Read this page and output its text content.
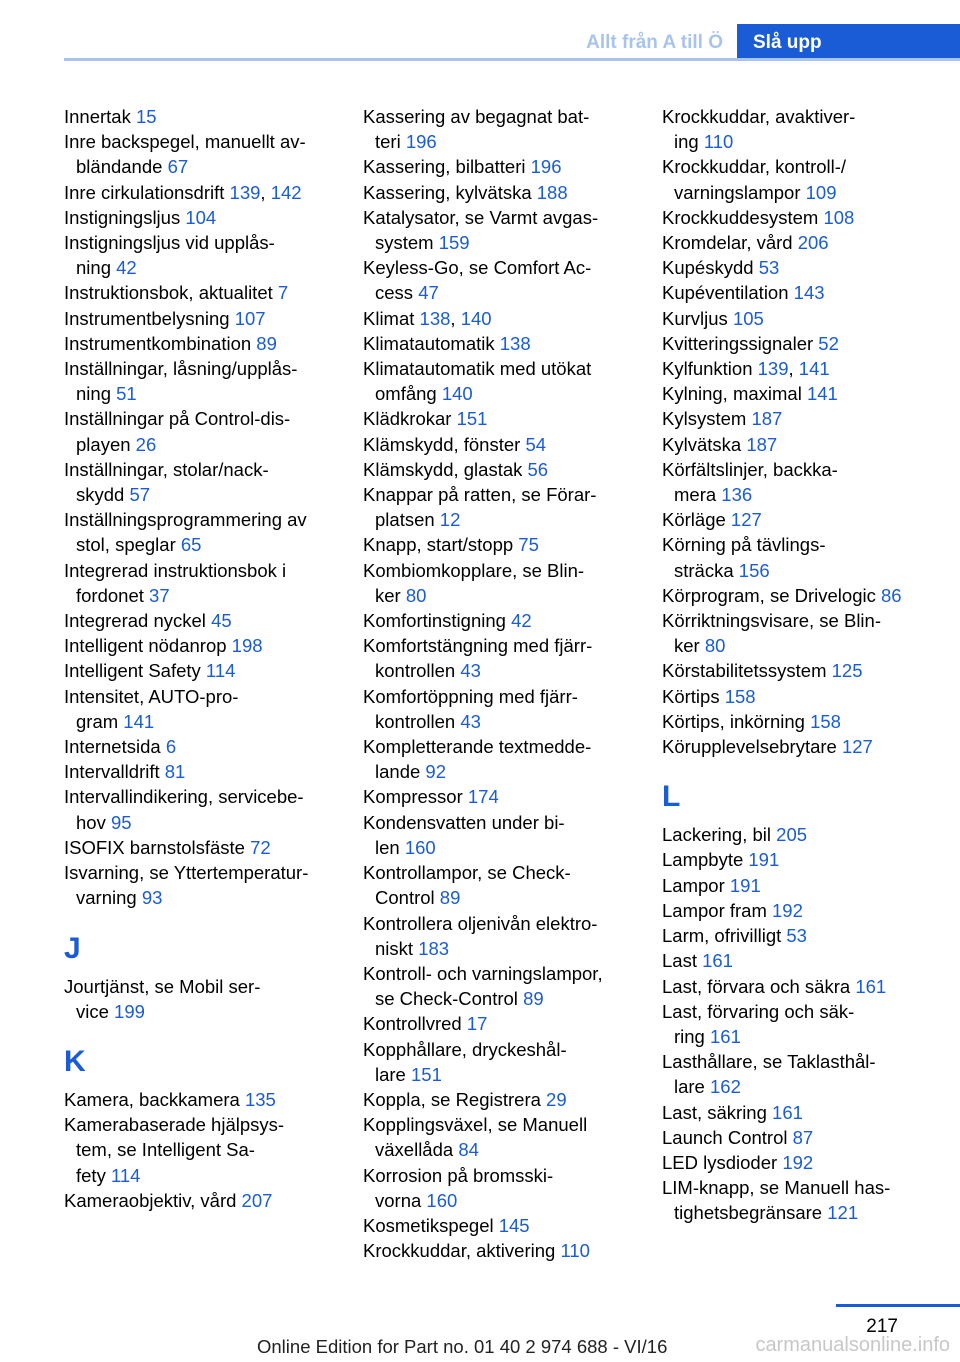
Allt från A till Ö	Slå upp
Innertak 15
Inre backspegel, manuellt av-
bländande 67
Inre cirkulationsdrift 139, 142
Instigningsljus 104
Instigningsljus vid upplås-
ning 42
Instruktionsbok, aktualitet 7
Instrumentbelysning 107
Instrumentkombination 89
Inställningar, låsning/upplås-
ning 51
Inställningar på Control-dis-
playen 26
Inställningar, stolar/nack-
skydd 57
Inställningsprogrammering av
stol, speglar 65
Integrerad instruktionsbok i
fordonet 37
Integrerad nyckel 45
Intelligent nödanrop 198
Intelligent Safety 114
Intensitet, AUTO-pro-
gram 141
Internetsida 6
Intervalldrift 81
Intervallindikering, servicebe-
hov 95
ISOFIX barnstolsfäste 72
Isvarning, se Yttertemperatur-
varning 93
J
Jourtjänst, se Mobil ser-
vice 199
K
Kamera, backkamera 135
Kamerabaserade hjälpsys-
tem, se Intelligent Sa-
fety 114
Kameraobjektiv, vård 207
Kassering av begagnat bat-
teri 196
Kassering, bilbatteri 196
Kassering, kylvätska 188
Katalysator, se Varmt avgas-
system 159
Keyless-Go, se Comfort Ac-
cess 47
Klimat 138, 140
Klimatautomatik 138
Klimatautomatik med utökat
omfång 140
Klädkrokar 151
Klämskydd, fönster 54
Klämskydd, glastak 56
Knappar på ratten, se Förar-
platsen 12
Knapp, start/stopp 75
Kombiomkopplare, se Blin-
ker 80
Komfortinstigning 42
Komfortstängning med fjärr-
kontrollen 43
Komfortöppning med fjärr-
kontrollen 43
Kompletterande textmedde-
lande 92
Kompressor 174
Kondensvatten under bi-
len 160
Kontrollampor, se Check-
Control 89
Kontrollera oljenivån elektro-
niskt 183
Kontroll- och varningslampor,
se Check-Control 89
Kontrollvred 17
Kopphållare, dryckeshål-
lare 151
Koppla, se Registrera 29
Kopplingsväxel, se Manuell
växellåda 84
Korrosion på bromsski-
vorna 160
Kosmetikspegel 145
Krockkuddar, aktivering 110
Krockkuddar, avaktiver-
ing 110
Krockkuddar, kontroll-/
varningslampor 109
Krockkuddesystem 108
Kromdelar, vård 206
Kupéskydd 53
Kupéventilation 143
Kurvljus 105
Kvitteringssignaler 52
Kylfunktion 139, 141
Kylning, maximal 141
Kylsystem 187
Kylvätska 187
Körfältslinjer, backka-
mera 136
Körläge 127
Körning på tävlings-
sträcka 156
Körprogram, se Drivelogic 86
Körriktningsvisare, se Blin-
ker 80
Körstabilitetssystem 125
Körtips 158
Körtips, inkörning 158
Körupplevelsebrytare 127
L
Lackering, bil 205
Lampbyte 191
Lampor 191
Lampor fram 192
Larm, ofrivilligt 53
Last 161
Last, förvara och säkra 161
Last, förvaring och säk-
ring 161
Lasthållare, se Taklasthål-
lare 162
Last, säkring 161
Launch Control 87
LED lysdioder 192
LIM-knapp, se Manuell has-
tighetsbegränsare 121
217
Online Edition for Part no. 01 40 2 974 688 - VI/16	carmanualsonline.info
